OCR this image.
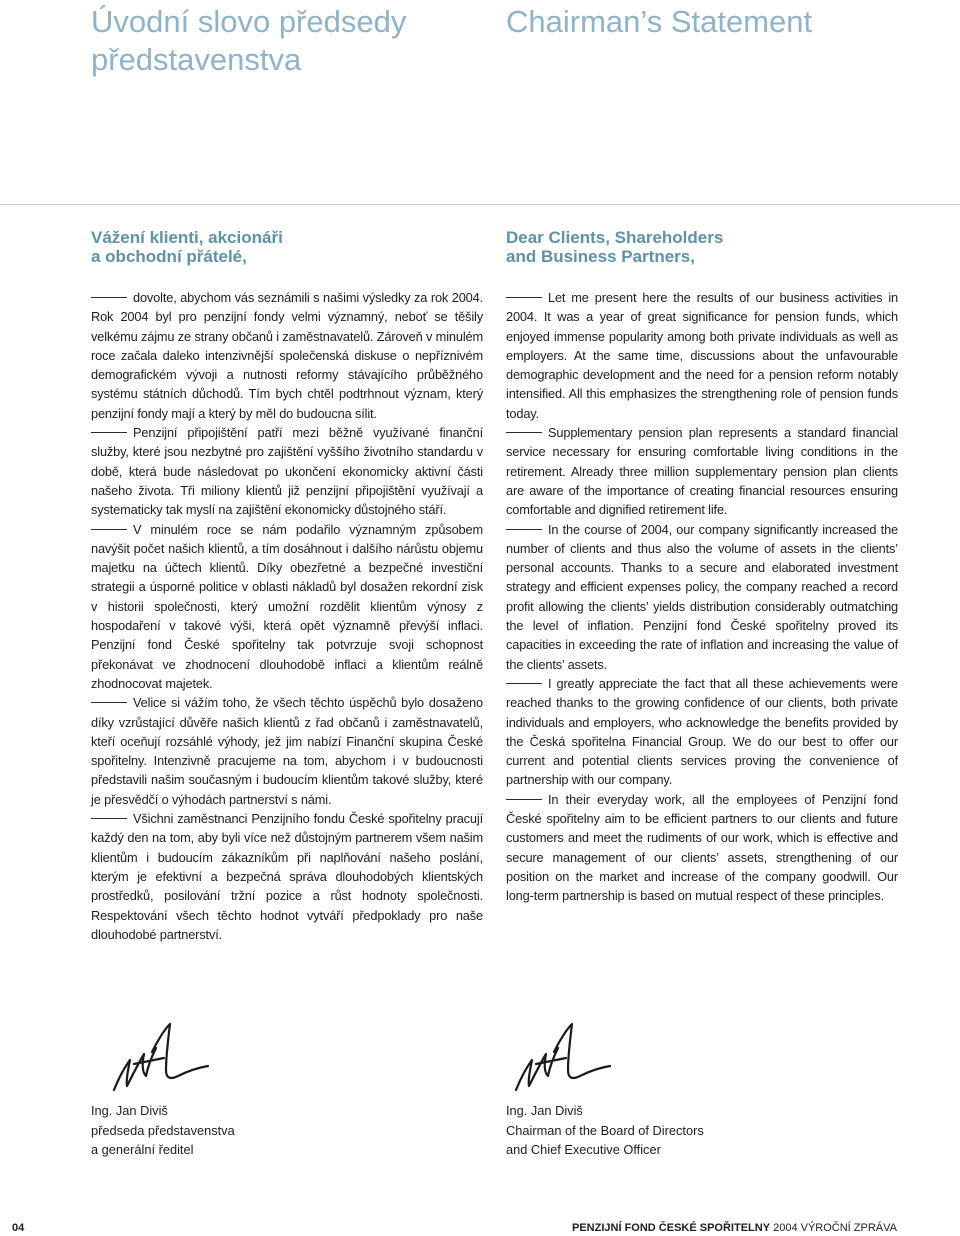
Úvodní slovo předsedy představenstva
Chairman’s Statement
Vážení klienti, akcionáři
a obchodní přátelé,
Dear Clients, Shareholders
and Business Partners,

dovolte, abychom vás seznámili s našimi výsledky za rok 2004. Rok 2004 byl pro penzijní fondy velmi významný, neboť se těšily velkému zájmu ze strany občanů i zaměstnavatelů. Zároveň v minulém roce začala daleko intenzivnější společenská diskuse o nepříznivém demografickém vývoji a nutnosti reformy stávajícího průběžného systému státních důchodů. Tím bych chtěl podtrhnout význam, který penzijní fondy mají a který by měl do budoucna sílit.

Penzijní připojištění patří mezi běžně využívané finanční služby, které jsou nezbytné pro zajištění vyššího životního standardu v době, která bude následovat po ukončení ekonomicky aktivní části našeho života. Tři miliony klientů již penzijní připojištění využívají a systematicky tak myslí na zajištění ekonomicky důstojného stáří.

V minulém roce se nám podařilo významným způsobem navýšit počet našich klientů, a tím dosáhnout i dalšího nárůstu objemu majetku na účtech klientů. Díky obezřetné a bezpečné investiční strategii a úsporné politice v oblasti nákladů byl dosažen rekordní zisk v historii společnosti, který umožní rozdělit klientům výnosy z hospodaření v takové výši, která opět významně převýší inflaci. Penzijní fond České spořitelny tak potvrzuje svoji schopnost překonávat ve zhodnocení dlouhodobě inflaci a klientům reálně zhodnocovat majetek.

Velice si vážím toho, že všech těchto úspěchů bylo dosaženo díky vzrůstající důvěře našich klientů z řad občanů i zaměstnavatelů, kteří oceňují rozsáhlé výhody, jež jim nabízí Finanční skupina České spořitelny. Intenzivně pracujeme na tom, abychom i v budoucnosti představili našim současným i budoucím klientům takové služby, které je přesvědčí o výhodách partnerství s námi.

Všichni zaměstnanci Penzijního fondu České spořitelny pracují každý den na tom, aby byli více než důstojným partnerem všem našim klientům i budoucím zákazníkům při naplňování našeho poslání, kterým je efektivní a bezpečná správa dlouhodobých klientských prostředků, posilování tržní pozice a růst hodnoty společnosti. Respektování všech těchto hodnot vytváří předpoklady pro naše dlouhodobé partnerství.

Let me present here the results of our business activities in 2004. It was a year of great significance for pension funds, which enjoyed immense popularity among both private individuals as well as employers. At the same time, discussions about the unfavourable demographic development and the need for a pension reform notably intensified. All this emphasizes the strengthening role of pension funds today.

Supplementary pension plan represents a standard financial service necessary for ensuring comfortable living conditions in the retirement. Already three million supplementary pension plan clients are aware of the importance of creating financial resources ensuring comfortable and dignified retirement life.

In the course of 2004, our company significantly increased the number of clients and thus also the volume of assets in the clients’ personal accounts. Thanks to a secure and elaborated investment strategy and efficient expenses policy, the company reached a record profit allowing the clients’ yields distribution considerably outmatching the level of inflation. Penzijní fond České spořitelny proved its capacities in exceeding the rate of inflation and increasing the value of the clients’ assets.

I greatly appreciate the fact that all these achievements were reached thanks to the growing confidence of our clients, both private individuals and employers, who acknowledge the benefits provided by the Česká spořitelna Financial Group. We do our best to offer our current and potential clients services proving the convenience of partnership with our company.

In their everyday work, all the employees of Penzijní fond České spořitelny aim to be efficient partners to our clients and future customers and meet the rudiments of our work, which is effective and secure management of our clients’ assets, strengthening of our position on the market and increase of the company goodwill. Our long-term partnership is based on mutual respect of these principles.

Ing. Jan Diviš
předseda představenstva
a generální ředitel
Ing. Jan Diviš
Chairman of the Board of Directors
and Chief Executive Officer
04	PENZIJNÍ FOND ČESKÉ SPOŘITELNY 2004 VÝROČNÍ ZPRÁVA
